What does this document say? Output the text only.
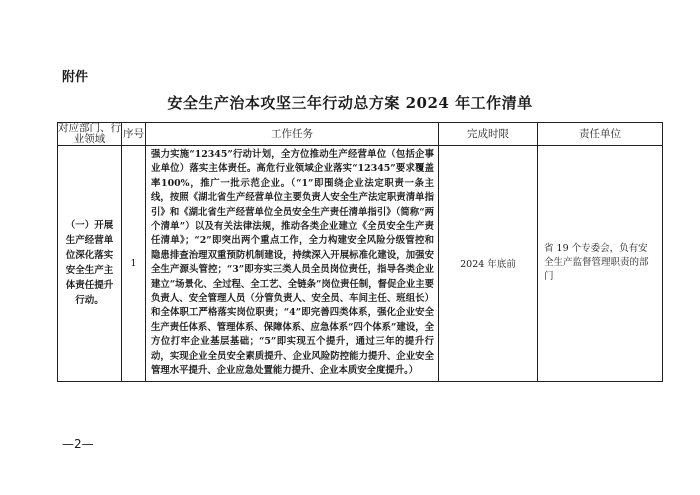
附件
安全生产治本攻坚三年行动总方案 2024 年工作清单
对应部门、行业领域	序号	工作任务	完成时限	责任单位
（一）开展生产经营单位深化落实安全生产主体责任提升行动。	1	强力实施“12345”行动计划，全方位推动生产经营单位（包括企事业单位）落实主体责任。高危行业领域企业落实“12345”要求覆盖率100%，推广一批示范企业。（“1”即围绕企业法定职责一条主线，按照《湖北省生产经营单位主要负责人安全生产法定职责清单指引》和《湖北省生产经营单位全员安全生产责任清单指引》（简称“两个清单”）以及有关法律法规，推动各类企业建立《全员安全生产责任清单》；“2”即突出两个重点工作，全力构建安全风险分级管控和隐患排查治理双重预防机制建设，持续深入开展标准化建设，加强安全生产源头管控；“3”即夯实三类人员全员岗位责任，指导各类企业建立“场景化、全过程、全工艺、全链条”岗位责任制，督促企业主要负责人、安全管理人员（分管负责人、安全员、车间主任、班组长）和全体职工严格落实岗位职责；“4”即完善四类体系，强化企业安全生产责任体系、管理体系、保障体系、应急体系“四个体系”建设，全方位打牢企业基层基础；“5”即实现五个提升，通过三年的提升行动，实现企业全员安全素质提升、企业风险防控能力提升、企业安全管理水平提升、企业应急处置能力提升、企业本质安全度提升。）	2024 年底前	省 19 个专委会，负有安全生产监督管理职责的部门
—2—
